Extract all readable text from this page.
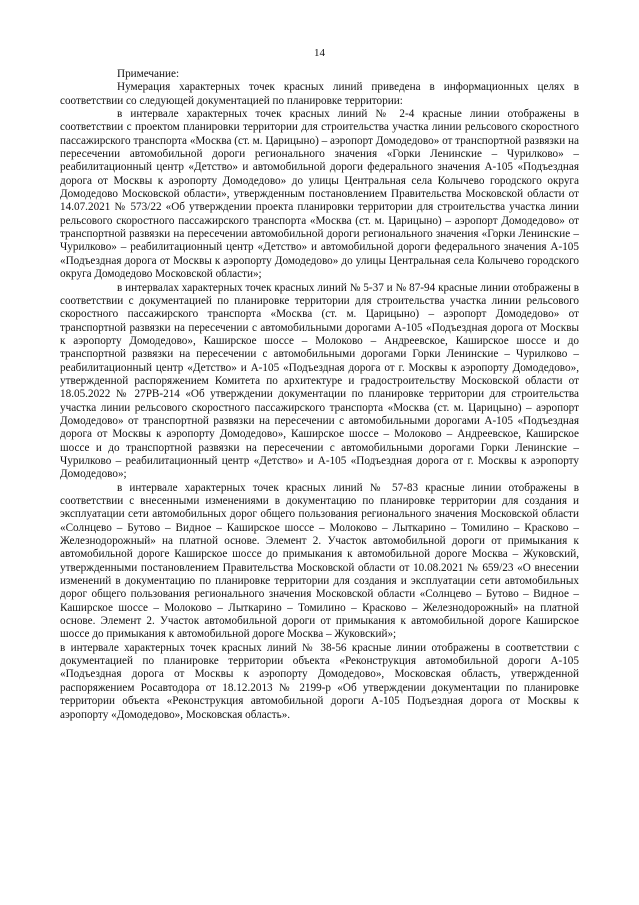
14

Примечание:

Нумерация характерных точек красных линий приведена в информационных целях в соответствии со следующей документацией по планировке территории:

в интервале характерных точек красных линий № 2-4 красные линии отображены в соответствии с проектом планировки территории для строительства участка линии рельсового скоростного пассажирского транспорта «Москва (ст. м. Царицыно) – аэропорт Домодедово» от транспортной развязки на пересечении автомобильной дороги регионального значения «Горки Ленинские – Чурилково» – реабилитационный центр «Детство» и автомобильной дороги федерального значения А-105 «Подъездная дорога от Москвы к аэропорту Домодедово» до улицы Центральная села Колычево городского округа Домодедово Московской области», утвержденным постановлением Правительства Московской области от 14.07.2021 № 573/22 «Об утверждении проекта планировки территории для строительства участка линии рельсового скоростного пассажирского транспорта «Москва (ст. м. Царицыно) – аэропорт Домодедово» от транспортной развязки на пересечении автомобильной дороги регионального значения «Горки Ленинские – Чурилково» – реабилитационный центр «Детство» и автомобильной дороги федерального значения А-105 «Подъездная дорога от Москвы к аэропорту Домодедово» до улицы Центральная села Колычево городского округа Домодедово Московской области»;

в интервалах характерных точек красных линий № 5-37 и № 87-94 красные линии отображены в соответствии с документацией по планировке территории для строительства участка линии рельсового скоростного пассажирского транспорта «Москва (ст. м. Царицыно) – аэропорт Домодедово» от транспортной развязки на пересечении с автомобильными дорогами А-105 «Подъездная дорога от Москвы к аэропорту Домодедово», Каширское шоссе – Молоково – Андреевское, Каширское шоссе и до транспортной развязки на пересечении с автомобильными дорогами Горки Ленинские – Чурилково – реабилитационный центр «Детство» и А-105 «Подъездная дорога от г. Москвы к аэропорту Домодедово», утвержденной распоряжением Комитета по архитектуре и градостроительству Московской области от 18.05.2022 № 27РВ-214 «Об утверждении документации по планировке территории для строительства участка линии рельсового скоростного пассажирского транспорта «Москва (ст. м. Царицыно) – аэропорт Домодедово» от транспортной развязки на пересечении с автомобильными дорогами А-105 «Подъездная дорога от Москвы к аэропорту Домодедово», Каширское шоссе – Молоково – Андреевское, Каширское шоссе и до транспортной развязки на пересечении с автомобильными дорогами Горки Ленинские – Чурилково – реабилитационный центр «Детство» и А-105 «Подъездная дорога от г. Москвы к аэропорту Домодедово»;

в интервале характерных точек красных линий № 57-83 красные линии отображены в соответствии с внесенными изменениями в документацию по планировке территории для создания и эксплуатации сети автомобильных дорог общего пользования регионального значения Московской области «Солнцево – Бутово – Видное – Каширское шоссе – Молоково – Лыткарино – Томилино – Красково – Железнодорожный» на платной основе. Элемент 2. Участок автомобильной дороги от примыкания к автомобильной дороге Каширское шоссе до примыкания к автомобильной дороге Москва – Жуковский, утвержденными постановлением Правительства Московской области от 10.08.2021 № 659/23 «О внесении изменений в документацию по планировке территории для создания и эксплуатации сети автомобильных дорог общего пользования регионального значения Московской области «Солнцево – Бутово – Видное – Каширское шоссе – Молоково – Лыткарино – Томилино – Красково – Железнодорожный» на платной основе. Элемент 2. Участок автомобильной дороги от примыкания к автомобильной дороге Каширское шоссе до примыкания к автомобильной дороге Москва – Жуковский»;

в интервале характерных точек красных линий № 38-56 красные линии отображены в соответствии с документацией по планировке территории объекта «Реконструкция автомобильной дороги А-105 «Подъездная дорога от Москвы к аэропорту Домодедово», Московская область, утвержденной распоряжением Росавтодора от 18.12.2013 № 2199-р «Об утверждении документации по планировке территории объекта «Реконструкция автомобильной дороги А-105 Подъездная дорога от Москвы к аэропорту «Домодедово», Московская область».
